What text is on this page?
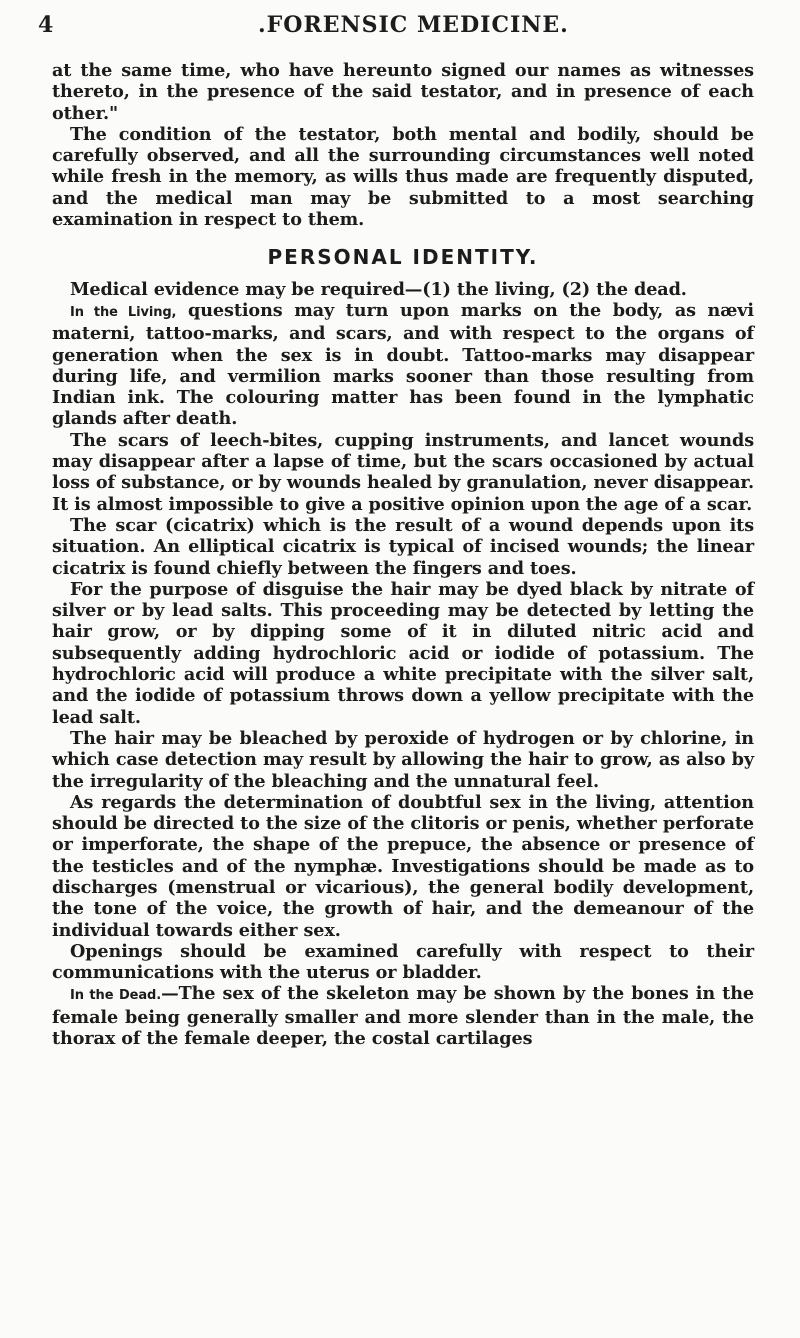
4	.FORENSIC MEDICINE.

at the same time, who have hereunto signed our names as witnesses thereto, in the presence of the said testator, and in presence of each other."

The condition of the testator, both mental and bodily, should be carefully observed, and all the surrounding circumstances well noted while fresh in the memory, as wills thus made are frequently disputed, and the medical man may be submitted to a most searching examination in respect to them.

PERSONAL IDENTITY.

Medical evidence may be required—(1) the living, (2) the dead.

In the Living, questions may turn upon marks on the body, as nævi materni, tattoo-marks, and scars, and with respect to the organs of generation when the sex is in doubt. Tattoo-marks may disappear during life, and vermilion marks sooner than those resulting from Indian ink. The colouring matter has been found in the lymphatic glands after death.

The scars of leech-bites, cupping instruments, and lancet wounds may disappear after a lapse of time, but the scars occasioned by actual loss of substance, or by wounds healed by granulation, never disappear. It is almost impossible to give a positive opinion upon the age of a scar.

The scar (cicatrix) which is the result of a wound depends upon its situation. An elliptical cicatrix is typical of incised wounds; the linear cicatrix is found chiefly between the fingers and toes.

For the purpose of disguise the hair may be dyed black by nitrate of silver or by lead salts. This proceeding may be detected by letting the hair grow, or by dipping some of it in diluted nitric acid and subsequently adding hydrochloric acid or iodide of potassium. The hydrochloric acid will produce a white precipitate with the silver salt, and the iodide of potassium throws down a yellow precipitate with the lead salt.

The hair may be bleached by peroxide of hydrogen or by chlorine, in which case detection may result by allowing the hair to grow, as also by the irregularity of the bleaching and the unnatural feel.

As regards the determination of doubtful sex in the living, attention should be directed to the size of the clitoris or penis, whether perforate or imperforate, the shape of the prepuce, the absence or presence of the testicles and of the nymphæ. Investigations should be made as to discharges (menstrual or vicarious), the general bodily development, the tone of the voice, the growth of hair, and the demeanour of the individual towards either sex.

Openings should be examined carefully with respect to their communications with the uterus or bladder.

In the Dead.—The sex of the skeleton may be shown by the bones in the female being generally smaller and more slender than in the male, the thorax of the female deeper, the costal cartilages
